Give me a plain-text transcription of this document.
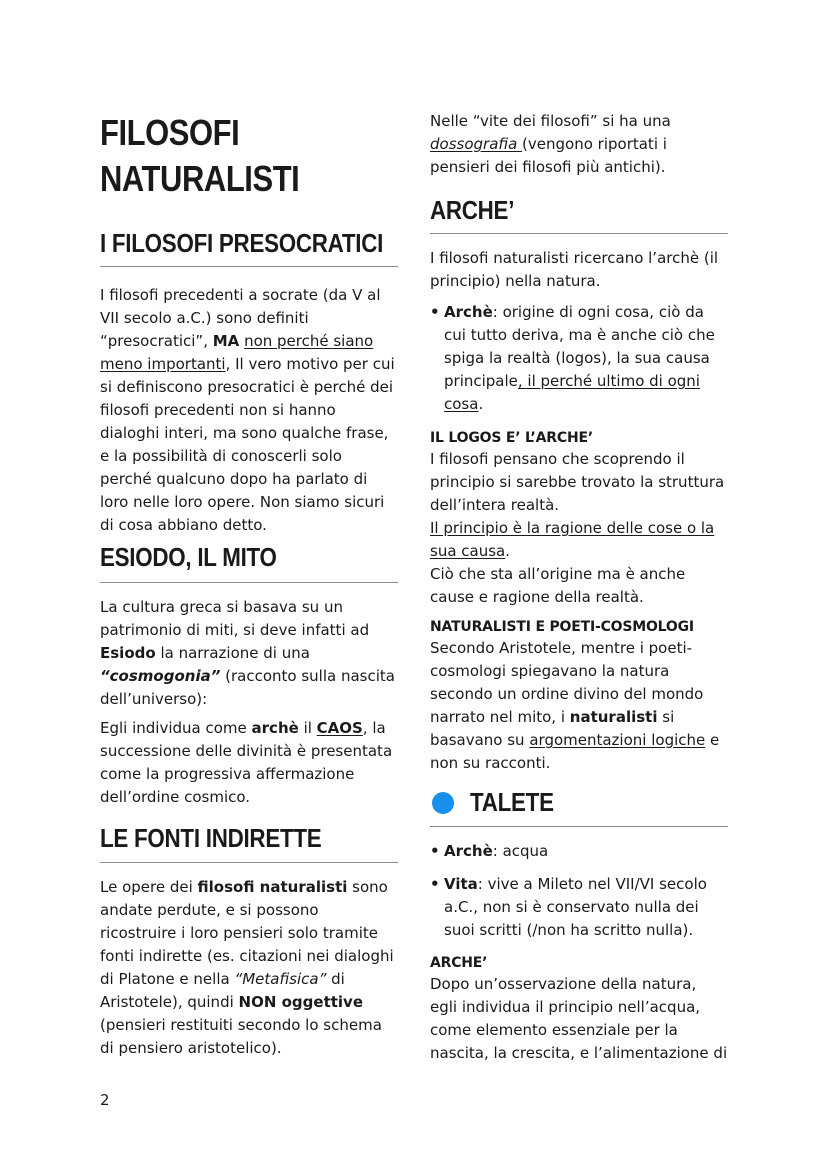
FILOSOFI
NATURALISTI
I FILOSOFI PRESOCRATICI

I filosofi precedenti a socrate (da V al

VII secolo a.C.) sono definiti

“presocratici”, MA non perché siano

meno importanti, Il vero motivo per cui

si definiscono presocratici è perché dei

filosofi precedenti non si hanno

dialoghi interi, ma sono qualche frase,

e la possibilità di conoscerli solo

perché qualcuno dopo ha parlato di

loro nelle loro opere. Non siamo sicuri

di cosa abbiano detto.

ESIODO, IL MITO

La cultura greca si basava su un

patrimonio di miti, si deve infatti ad

Esiodo la narrazione di una

“cosmogonia” (racconto sulla nascita

dell’universo):

Egli individua come archè il CAOS, la

successione delle divinità è presentata

come la progressiva affermazione

dell’ordine cosmico.

LE FONTI INDIRETTE

Le opere dei filosofi naturalisti sono

andate perdute, e si possono

ricostruire i loro pensieri solo tramite

fonti indirette (es. citazioni nei dialoghi

di Platone e nella “Metafisica” di

Aristotele), quindi NON oggettive

(pensieri restituiti secondo lo schema

di pensiero aristotelico).

2

Nelle “vite dei filosofi” si ha una

dossografia (vengono riportati i

pensieri dei filosofi più antichi).

ARCHE’

I filosofi naturalisti ricercano l’archè (il

principio) nella natura.

• Archè: origine di ogni cosa, ciò da
cui tutto deriva, ma è anche ciò che
spiga la realtà (logos), la sua causa
principale, il perché ultimo di ogni
cosa.
IL LOGOS E’ L’ARCHE’

I filosofi pensano che scoprendo il

principio si sarebbe trovato la struttura

dell’intera realtà.

Il principio è la ragione delle cose o la

sua causa.

Ciò che sta all’origine ma è anche

cause e ragione della realtà.

NATURALISTI E POETI-COSMOLOGI

Secondo Aristotele, mentre i poeti-

cosmologi spiegavano la natura

secondo un ordine divino del mondo

narrato nel mito, i naturalisti si

basavano su argomentazioni logiche e

non su racconti.

TALETE
• Archè: acqua
• Vita: vive a Mileto nel VII/VI secolo
a.C., non si è conservato nulla dei
suoi scritti (/non ha scritto nulla).
ARCHE’

Dopo un’osservazione della natura,

egli individua il principio nell’acqua,

come elemento essenziale per la

nascita, la crescita, e l’alimentazione di
